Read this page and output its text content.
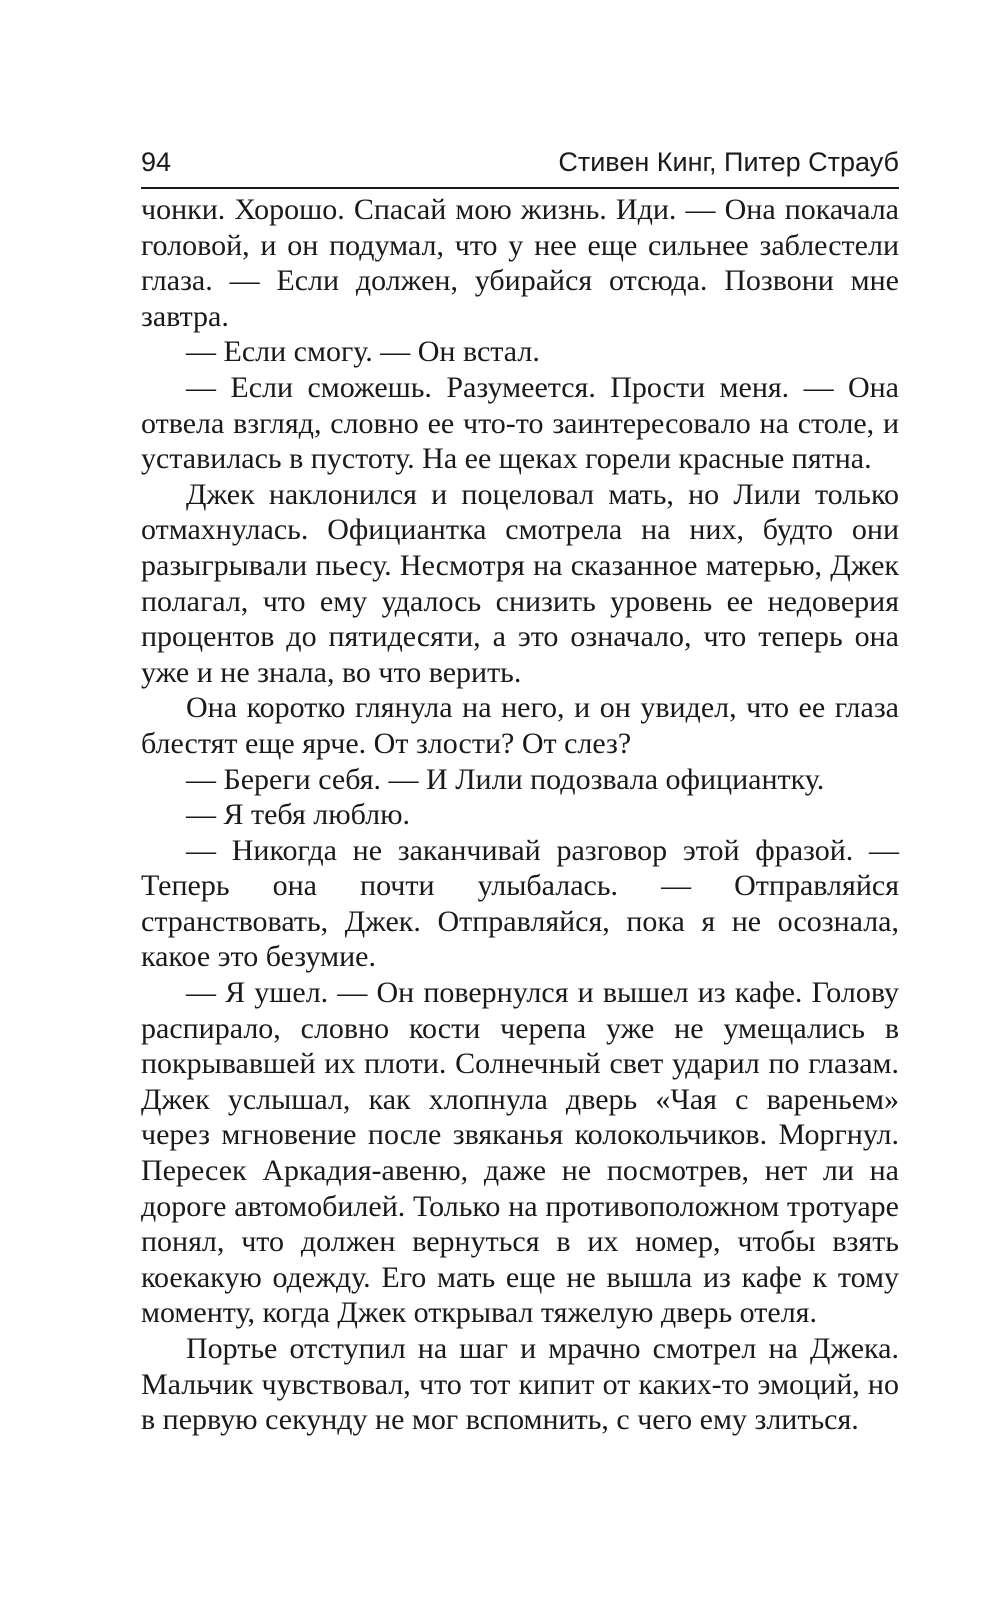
94	Стивен Кинг, Питер Страуб

чонки. Хорошо. Спасай мою жизнь. Иди. — Она покачала головой, и он подумал, что у нее еще сильнее заблестели глаза. — Если должен, убирайся отсюда. Позвони мне завтра.

— Если смогу. — Он встал.

— Если сможешь. Разумеется. Прости меня. — Она отвела взгляд, словно ее что-то заинтересовало на столе, и уставилась в пустоту. На ее щеках горели красные пятна.

Джек наклонился и поцеловал мать, но Лили только отмахнулась. Официантка смотрела на них, будто они разыгрывали пьесу. Несмотря на сказанное матерью, Джек полагал, что ему удалось снизить уровень ее недоверия процентов до пятидесяти, а это означало, что теперь она уже и не знала, во что верить.

Она коротко глянула на него, и он увидел, что ее глаза блестят еще ярче. От злости? От слез?

— Береги себя. — И Лили подозвала официантку.

— Я тебя люблю.

— Никогда не заканчивай разговор этой фразой. — Теперь она почти улыбалась. — Отправляйся странствовать, Джек. Отправляйся, пока я не осознала, какое это безумие.

— Я ушел. — Он повернулся и вышел из кафе. Голову распирало, словно кости черепа уже не умещались в покрывавшей их плоти. Солнечный свет ударил по глазам. Джек услышал, как хлопнула дверь «Чая с вареньем» через мгновение после звяканья колокольчиков. Моргнул. Пересек Аркадия-авеню, даже не посмотрев, нет ли на дороге автомобилей. Только на противоположном тротуаре понял, что должен вернуться в их номер, чтобы взять коекакую одежду. Его мать еще не вышла из кафе к тому моменту, когда Джек открывал тяжелую дверь отеля.

Портье отступил на шаг и мрачно смотрел на Джека. Мальчик чувствовал, что тот кипит от каких-то эмоций, но в первую секунду не мог вспомнить, с чего ему злиться.
